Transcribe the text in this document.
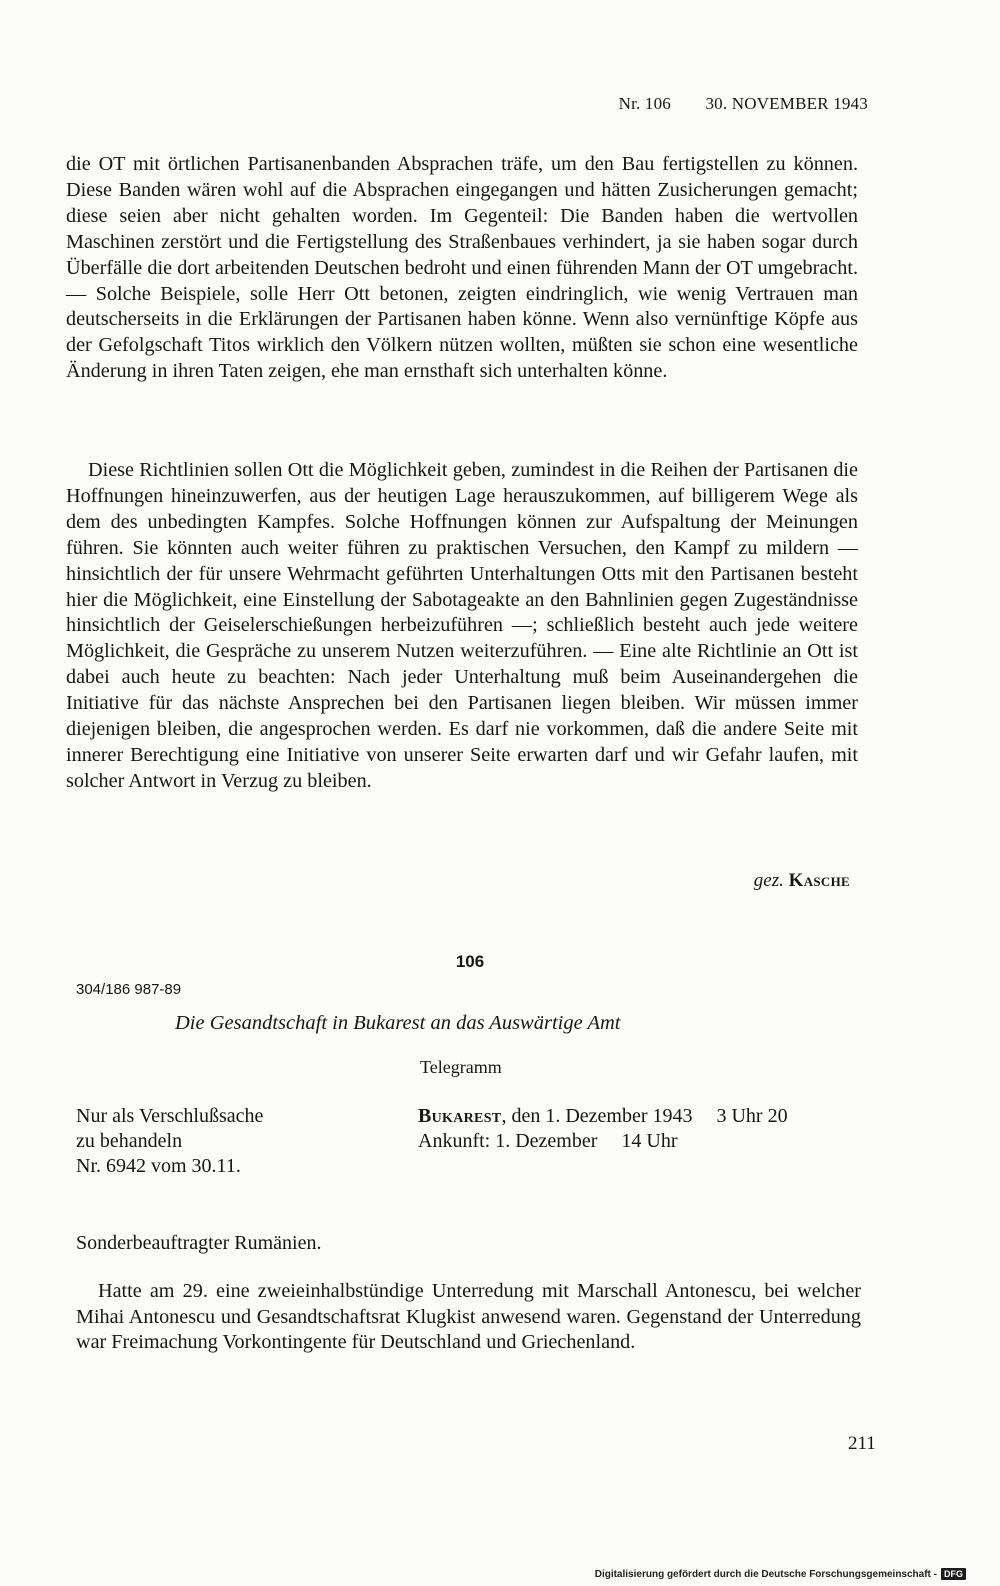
Nr. 106 30. NOVEMBER 1943
die OT mit örtlichen Partisanenbanden Absprachen träfe, um den Bau fertigstellen zu können. Diese Banden wären wohl auf die Absprachen eingegangen und hätten Zusicherungen gemacht; diese seien aber nicht gehalten worden. Im Gegenteil: Die Banden haben die wertvollen Maschinen zerstört und die Fertigstellung des Straßenbaues verhindert, ja sie haben sogar durch Überfälle die dort arbeitenden Deutschen bedroht und einen führenden Mann der OT umgebracht. — Solche Beispiele, solle Herr Ott betonen, zeigten eindringlich, wie wenig Vertrauen man deutscherseits in die Erklärungen der Partisanen haben könne. Wenn also vernünftige Köpfe aus der Gefolgschaft Titos wirklich den Völkern nützen wollten, müßten sie schon eine wesentliche Änderung in ihren Taten zeigen, ehe man ernsthaft sich unterhalten könne.
Diese Richtlinien sollen Ott die Möglichkeit geben, zumindest in die Reihen der Partisanen die Hoffnungen hineinzuwerfen, aus der heutigen Lage herauszukommen, auf billigerem Wege als dem des unbedingten Kampfes. Solche Hoffnungen können zur Aufspaltung der Meinungen führen. Sie könnten auch weiter führen zu praktischen Versuchen, den Kampf zu mildern — hinsichtlich der für unsere Wehrmacht geführten Unterhaltungen Otts mit den Partisanen besteht hier die Möglichkeit, eine Einstellung der Sabotageakte an den Bahnlinien gegen Zugeständnisse hinsichtlich der Geiselerschießungen herbeizuführen —; schließlich besteht auch jede weitere Möglichkeit, die Gespräche zu unserem Nutzen weiterzuführen. — Eine alte Richtlinie an Ott ist dabei auch heute zu beachten: Nach jeder Unterhaltung muß beim Auseinandergehen die Initiative für das nächste Ansprechen bei den Partisanen liegen bleiben. Wir müssen immer diejenigen bleiben, die angesprochen werden. Es darf nie vorkommen, daß die andere Seite mit innerer Berechtigung eine Initiative von unserer Seite erwarten darf und wir Gefahr laufen, mit solcher Antwort in Verzug zu bleiben.
gez. Kasche
106
304/186 987-89
Die Gesandtschaft in Bukarest an das Auswärtige Amt
Telegramm
Nur als Verschlußsache
zu behandeln
Nr. 6942 vom 30.11.
Bukarest, den 1. Dezember 1943 3 Uhr 20
Ankunft: 1. Dezember 14 Uhr
Sonderbeauftragter Rumänien.
Hatte am 29. eine zweieinhalbstündige Unterredung mit Marschall Antonescu, bei welcher Mihai Antonescu und Gesandtschaftsrat Klugkist anwesend waren. Gegenstand der Unterredung war Freimachung Vorkontingente für Deutschland und Griechenland.
211
Digitalisierung gefördert durch die Deutsche Forschungsgemeinschaft - DFG
